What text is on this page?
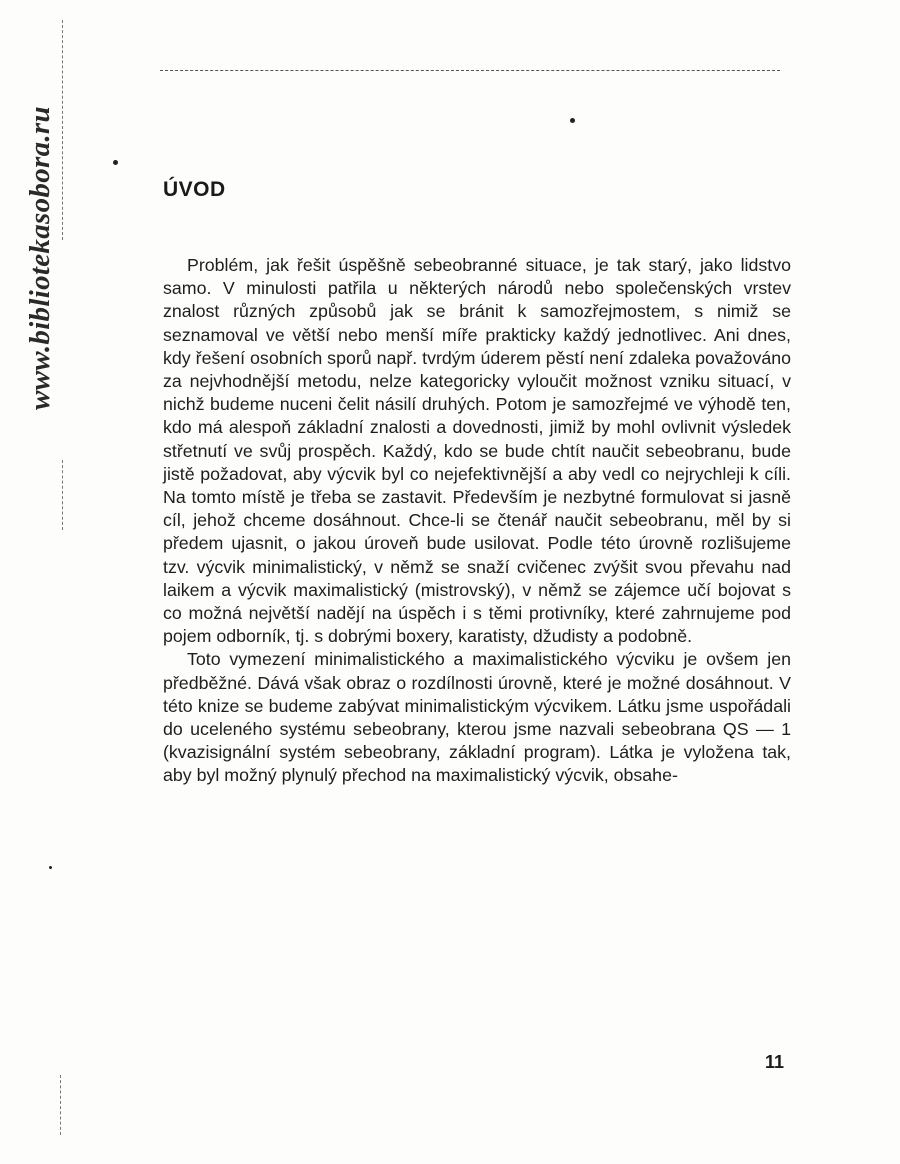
www.bibliotekasobora.ru	ÚVOD

Problém, jak řešit úspěšně sebeobranné situace, je tak starý, jako lidstvo samo. V minulosti patřila u některých národů nebo společenských vrstev znalost různých způsobů jak se bránit k samozřejmostem, s nimiž se seznamoval ve větší nebo menší míře prakticky každý jednotlivec. Ani dnes, kdy řešení osobních sporů např. tvrdým úderem pěstí není zdaleka považováno za nejvhodnější metodu, nelze kategoricky vyloučit možnost vzniku situací, v nichž budeme nuceni čelit násilí druhých. Potom je samozřejmé ve výhodě ten, kdo má alespoň základní znalosti a dovednosti, jimiž by mohl ovlivnit výsledek střetnutí ve svůj prospěch. Každý, kdo se bude chtít naučit sebeobranu, bude jistě požadovat, aby výcvik byl co nejefektivnější a aby vedl co nejrychleji k cíli. Na tomto místě je třeba se zastavit. Především je nezbytné formulovat si jasně cíl, jehož chceme dosáhnout. Chce-li se čtenář naučit sebeobranu, měl by si předem ujasnit, o jakou úroveň bude usilovat. Podle této úrovně rozlišujeme tzv. výcvik minimalistický, v němž se snaží cvičenec zvýšit svou převahu nad laikem a výcvik maximalistický (mistrovský), v němž se zájemce učí bojovat s co možná největší nadějí na úspěch i s těmi protivníky, které zahrnujeme pod pojem odborník, tj. s dobrými boxery, karatisty, džudisty a podobně.

Toto vymezení minimalistického a maximalistického výcviku je ovšem jen předběžné. Dává však obraz o rozdílnosti úrovně, které je možné dosáhnout. V této knize se budeme zabývat minimalistickým výcvikem. Látku jsme uspořádali do uceleného systému sebeobrany, kterou jsme nazvali sebeobrana QS — 1 (kvazisignální systém sebeobrany, základní program). Látka je vyložena tak, aby byl možný plynulý přechod na maximalistický výcvik, obsahe-

11
